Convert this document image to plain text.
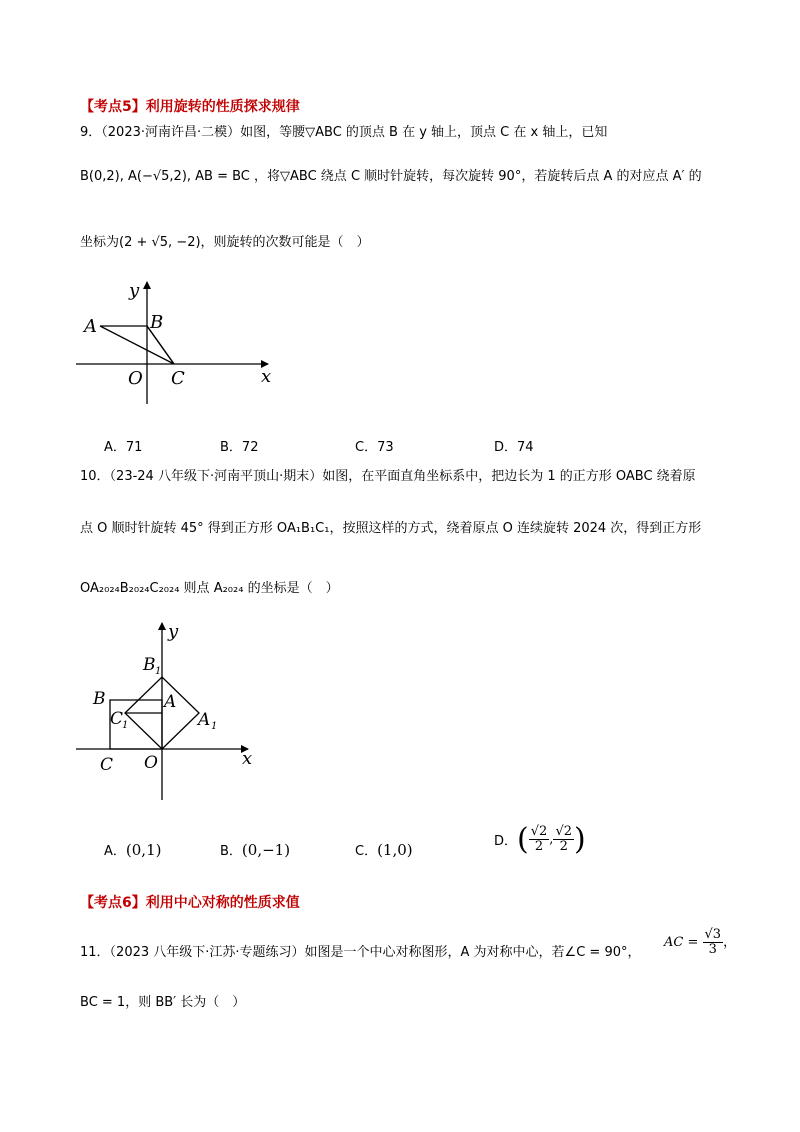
【考点5】利用旋转的性质探求规律
9．（2023·河南许昌·二模）如图，等腰▽ABC 的顶点 B 在 y 轴上，顶点 C 在 x 轴上，已知
B(0,2), A(−√5,2), AB = BC ，将▽ABC 绕点 C 顺时针旋转，每次旋转 90°，若旋转后点 A 的对应点 A′ 的
坐标为(2 + √5, −2)，则旋转的次数可能是（　）
y
x
A	B
O C
A．71	B．72	C．73	D．74
10．（23-24 八年级下·河南平顶山·期末）如图，在平面直角坐标系中，把边长为 1 的正方形 OABC 绕着原
点 O 顺时针旋转 45° 得到正方形 OA₁B₁C₁，按照这样的方式，绕着原点 O 连续旋转 2024 次，得到正方形
OA₂₀₂₄B₂₀₂₄C₂₀₂₄ 则点 A₂₀₂₄ 的坐标是（　）
y
x
B 1
B	A
C
1	A 1
C O
A．(0,1)	B．(0,−1)	C．(1,0)	D．( $\frac{√2}{2}$ , $\frac{√2}{2}$ )
【考点6】利用中心对称的性质求值
11．（2023 八年级下·江苏·专题练习）如图是一个中心对称图形，A 为对称中心，若∠C = 90°，
AC = $\frac{√3}{3}$ ，
BC = 1，则 BB′ 长为（　）
